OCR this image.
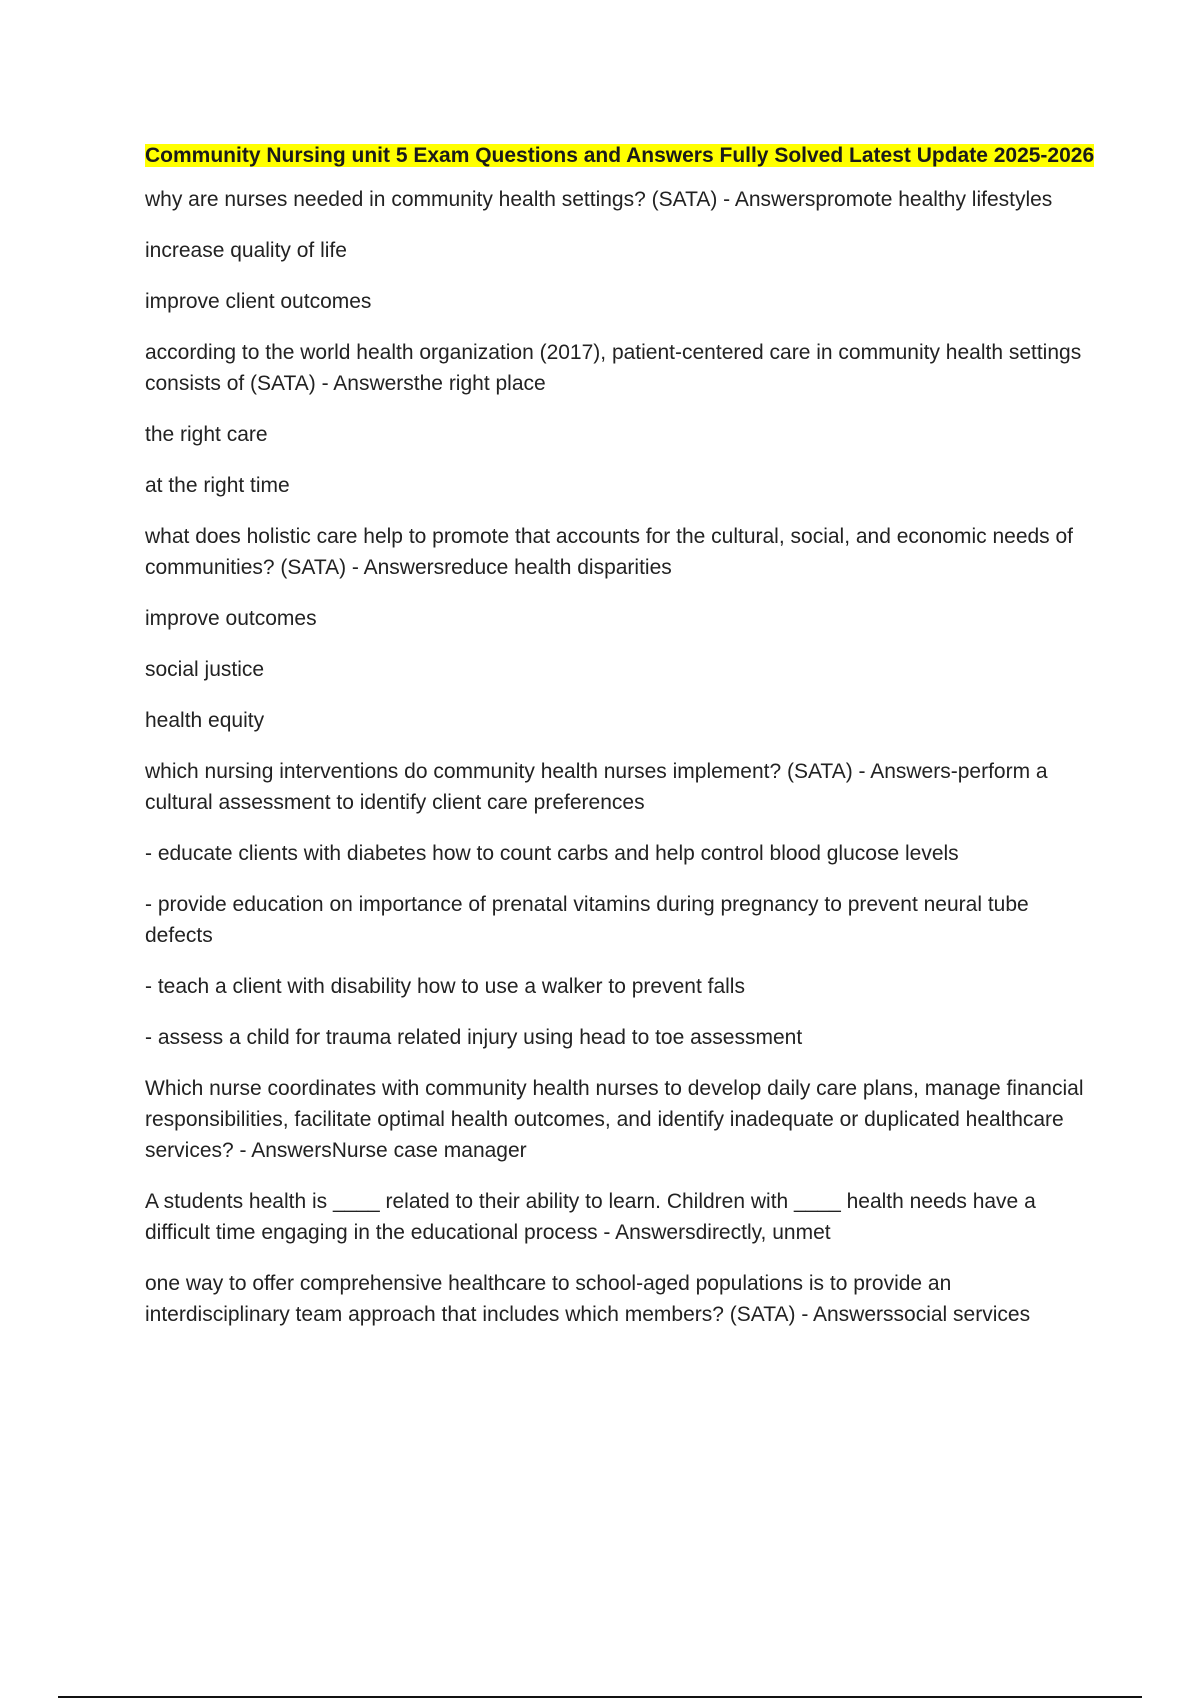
Community Nursing unit 5 Exam Questions and Answers Fully Solved Latest Update 2025-2026
why are nurses needed in community health settings? (SATA) - Answerspromote healthy lifestyles
increase quality of life
improve client outcomes
according to the world health organization (2017), patient-centered care in community health settings consists of (SATA) - Answersthe right place
the right care
at the right time
what does holistic care help to promote that accounts for the cultural, social, and economic needs of communities? (SATA) - Answersreduce health disparities
improve outcomes
social justice
health equity
which nursing interventions do community health nurses implement? (SATA) - Answers-perform a cultural assessment to identify client care preferences
- educate clients with diabetes how to count carbs and help control blood glucose levels
- provide education on importance of prenatal vitamins during pregnancy to prevent neural tube defects
- teach a client with disability how to use a walker to prevent falls
- assess a child for trauma related injury using head to toe assessment
Which nurse coordinates with community health nurses to develop daily care plans, manage financial responsibilities, facilitate optimal health outcomes, and identify inadequate or duplicated healthcare services? - AnswersNurse case manager
A students health is ____ related to their ability to learn. Children with ____ health needs have a difficult time engaging in the educational process - Answersdirectly, unmet
one way to offer comprehensive healthcare to school-aged populations is to provide an interdisciplinary team approach that includes which members? (SATA) - Answerssocial services
